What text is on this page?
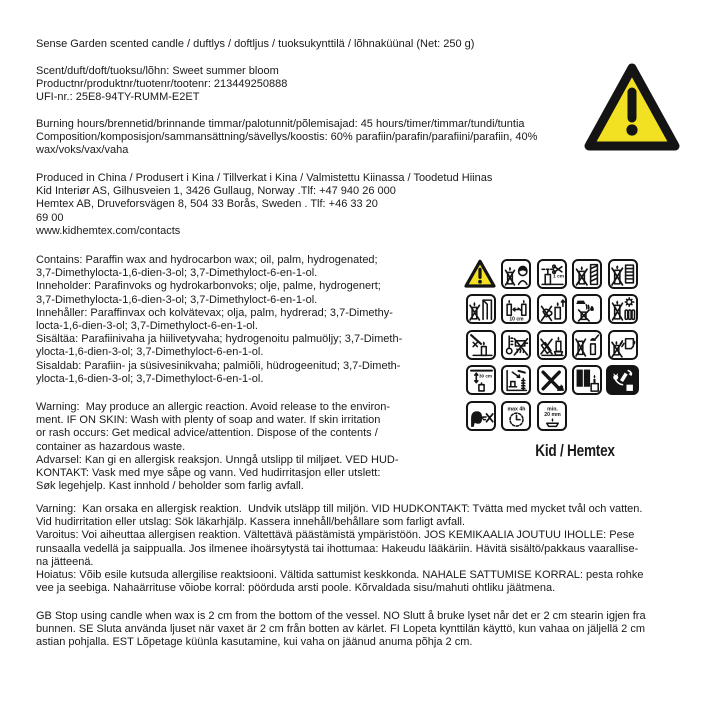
Sense Garden scented candle / duftlys / doftljus / tuoksukynttilä / lõhnaküünal (Net: 250 g)
Scent/duft/doft/tuoksu/lõhn: Sweet summer bloom
Productnr/produktnr/tuotenr/tootenr: 213449250888
UFI-nr.: 25E8-94TY-RUMM-E2ET
Burning hours/brennetid/brinnande timmar/palotunnit/põlemisajad: 45 hours/timer/timmar/tundi/tuntia
Composition/komposisjon/sammansättning/sävellys/koostis: 60% parafiin/parafin/parafiini/parafiin, 40%
wax/voks/vax/vaha
Produced in China / Produsert i Kina / Tillverkat i Kina / Valmistettu Kiinassa / Toodetud Hiinas
Kid Interiør AS, Gilhusveien 1, 3426 Gullaug, Norway .Tlf: +47 940 26 000
Hemtex AB, Druveforsvägen 8, 504 33 Borås, Sweden . Tlf: +46 33 20
69 00
www.kidhemtex.com/contacts
Contains: Paraffin wax and hydrocarbon wax; oil, palm, hydrogenated;
3,7-Dimethylocta-1,6-dien-3-ol; 3,7-Dimethyloct-6-en-1-ol.
Inneholder: Parafinvoks og hydrokarbonvoks; olje, palme, hydrogenert;
3,7-Dimethylocta-1,6-dien-3-ol; 3,7-Dimethyloct-6-en-1-ol.
Innehåller: Paraffinvax och kolvätevax; olja, palm, hydrerad; 3,7-Dimethy-
locta-1,6-dien-3-ol; 3,7-Dimethyloct-6-en-1-ol.
Sisältäa: Parafiinivaha ja hiilivetyvaha; hydrogenoitu palmuöljy; 3,7-Dimeth-
ylocta-1,6-dien-3-ol; 3,7-Dimethyloct-6-en-1-ol.
Sisaldab: Parafiin- ja süsivesinikvaha; palmiõli, hüdrogeenitud; 3,7-Dimeth-
ylocta-1,6-dien-3-ol; 3,7-Dimethyloct-6-en-1-ol.
Warning:  May produce an allergic reaction. Avoid release to the environ-
ment. IF ON SKIN: Wash with plenty of soap and water. If skin irritation
or rash occurs: Get medical advice/attention. Dispose of the contents /
container as hazardous waste.
Advarsel: Kan gi en allergisk reaksjon. Unngå utslipp til miljøet. VED HUD-
KONTAKT: Vask med mye såpe og vann. Ved hudirritasjon eller utslett:
Søk legehjelp. Kast innhold / beholder som farlig avfall.
Varning:  Kan orsaka en allergisk reaktion.  Undvik utsläpp till miljön. VID HUDKONTAKT: Tvätta med mycket tvål och vatten.
Vid hudirritation eller utslag: Sök läkarhjälp. Kassera innehåll/behållare som farligt avfall.
Varoitus: Voi aiheuttaa allergisen reaktion. Vältettävä päästämistä ympäristöön. JOS KEMIKAALIA JOUTUU IHOLLE: Pese
runsaalla vedellä ja saippualla. Jos ilmenee ihoärsytystä tai ihottumaa: Hakeudu lääkäriin. Hävitä sisältö/pakkaus vaarallise-
na jätteenä.
Hoiatus: Võib esile kutsuda allergilise reaktsiooni. Vältida sattumist keskkonda. NAHALE SATTUMISE KORRAL: pesta rohke
vee ja seebiga. Nahaärrituse võiobe korral: pöörduda arsti poole. Kõrvaldada sisu/mahuti ohtliku jäätmena.
GB Stop using candle when wax is 2 cm from the bottom of the vessel. NO Slutt å bruke lyset når det er 2 cm stearin igjen fra
bunnen. SE Sluta använda ljuset när vaxet är 2 cm från botten av kärlet. FI Lopeta kynttilän käyttö, kun vahaa on jäljellä 2 cm
astian pohjalla. EST Lõpetage küünla kasutamine, kui vaha on jäänud anuma põhja 2 cm.
1 cm
10 cm
30 cm
max 4h	min.
20 mm
Kid / Hemtex
